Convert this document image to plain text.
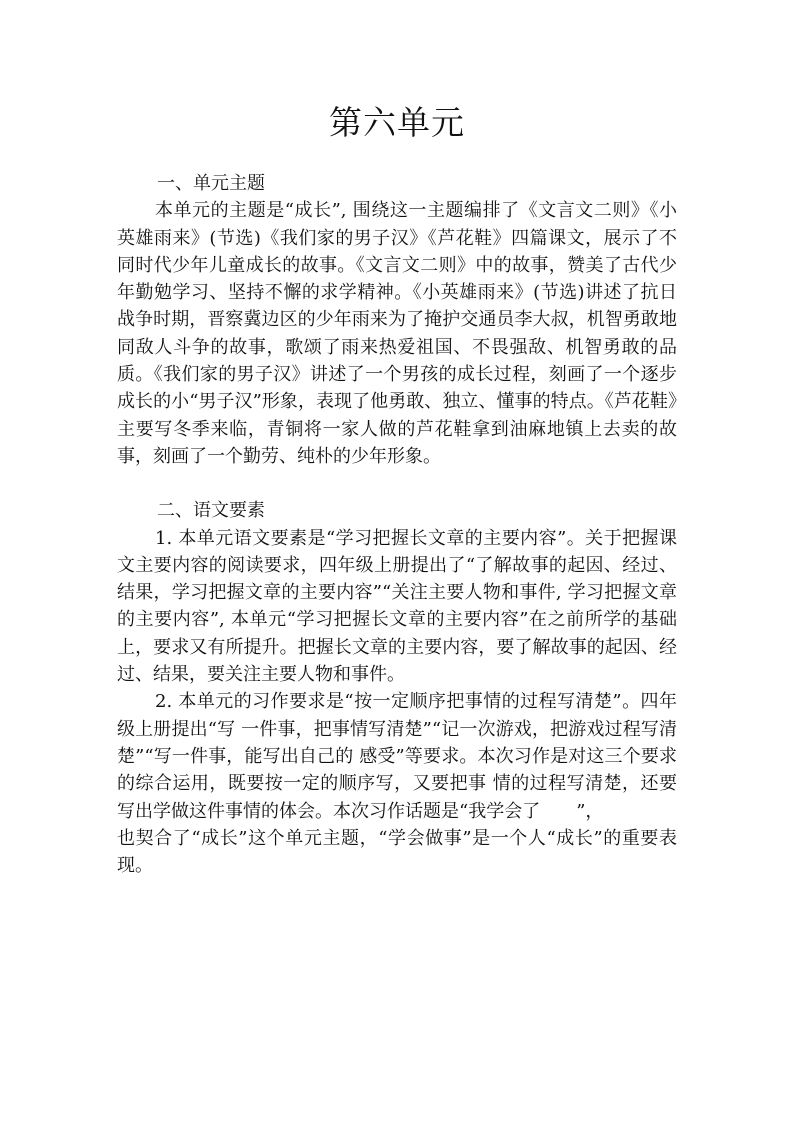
第六单元

一、单元主题

本单元的主题是“成长”, 围绕这一主题编排了《文言文二则》《小英雄雨来》(节选)《我们家的男子汉》《芦花鞋》四篇课文，展示了不同时代少年儿童成长的故事。《文言文二则》中的故事，赞美了古代少年勤勉学习、坚持不懈的求学精神。《小英雄雨来》(节选)讲述了抗日战争时期，晋察冀边区的少年雨来为了掩护交通员李大叔，机智勇敢地同敌人斗争的故事，歌颂了雨来热爱祖国、不畏强敌、机智勇敢的品质。《我们家的男子汉》讲述了一个男孩的成长过程，刻画了一个逐步成长的小“男子汉”形象，表现了他勇敢、独立、懂事的特点。《芦花鞋》主要写冬季来临，青铜将一家人做的芦花鞋拿到油麻地镇上去卖的故事，刻画了一个勤劳、纯朴的少年形象。

二、语文要素

1. 本单元语文要素是“学习把握长文章的主要内容”。关于把握课文主要内容的阅读要求，四年级上册提出了“了解故事的起因、经过、结果，学习把握文章的主要内容”“关注主要人物和事件, 学习把握文章的主要内容”, 本单元“学习把握长文章的主要内容”在之前所学的基础上，要求又有所提升。把握长文章的主要内容，要了解故事的起因、经过、结果，要关注主要人物和事件。

2. 本单元的习作要求是“按一定顺序把事情的过程写清楚”。四年级上册提出“写 一件事，把事情写清楚”“记一次游戏，把游戏过程写清楚”“写一件事，能写出自己的 感受”等要求。本次习作是对这三个要求的综合运用，既要按一定的顺序写，又要把事 情的过程写清楚，还要写出学做这件事情的体会。本次习作话题是“我学会了　　”，

也契合了“成长”这个单元主题，“学会做事”是一个人“成长”的重要表现。
